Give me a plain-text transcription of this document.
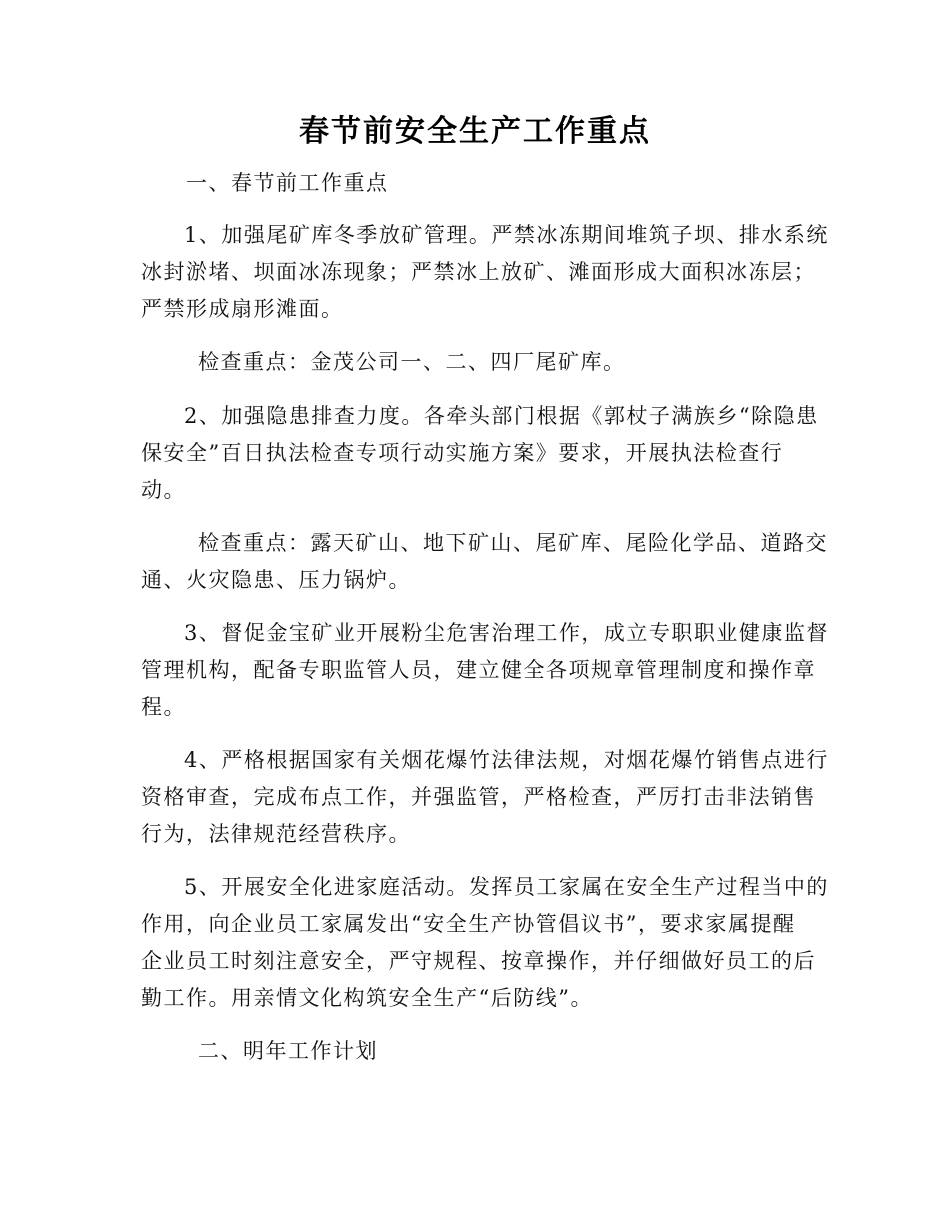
春节前安全生产工作重点
一、春节前工作重点
1、加强尾矿库冬季放矿管理。严禁冰冻期间堆筑子坝、排水系统
冰封淤堵、坝面冰冻现象；严禁冰上放矿、滩面形成大面积冰冻层；
严禁形成扇形滩面。
检查重点：金茂公司一、二、四厂尾矿库。
2、加强隐患排查力度。各牵头部门根据《郭杖子满族乡“除隐患
保安全”百日执法检查专项行动实施方案》要求，开展执法检查行
动。
检查重点：露天矿山、地下矿山、尾矿库、尾险化学品、道路交
通、火灾隐患、压力锅炉。
3、督促金宝矿业开展粉尘危害治理工作，成立专职职业健康监督
管理机构，配备专职监管人员，建立健全各项规章管理制度和操作章
程。
4、严格根据国家有关烟花爆竹法律法规，对烟花爆竹销售点进行
资格审查，完成布点工作，并强监管，严格检查，严厉打击非法销售
行为，法律规范经营秩序。
5、开展安全化进家庭活动。发挥员工家属在安全生产过程当中的
作用，向企业员工家属发出“安全生产协管倡议书”，要求家属提醒
企业员工时刻注意安全，严守规程、按章操作，并仔细做好员工的后
勤工作。用亲情文化构筑安全生产“后防线”。
二、明年工作计划
